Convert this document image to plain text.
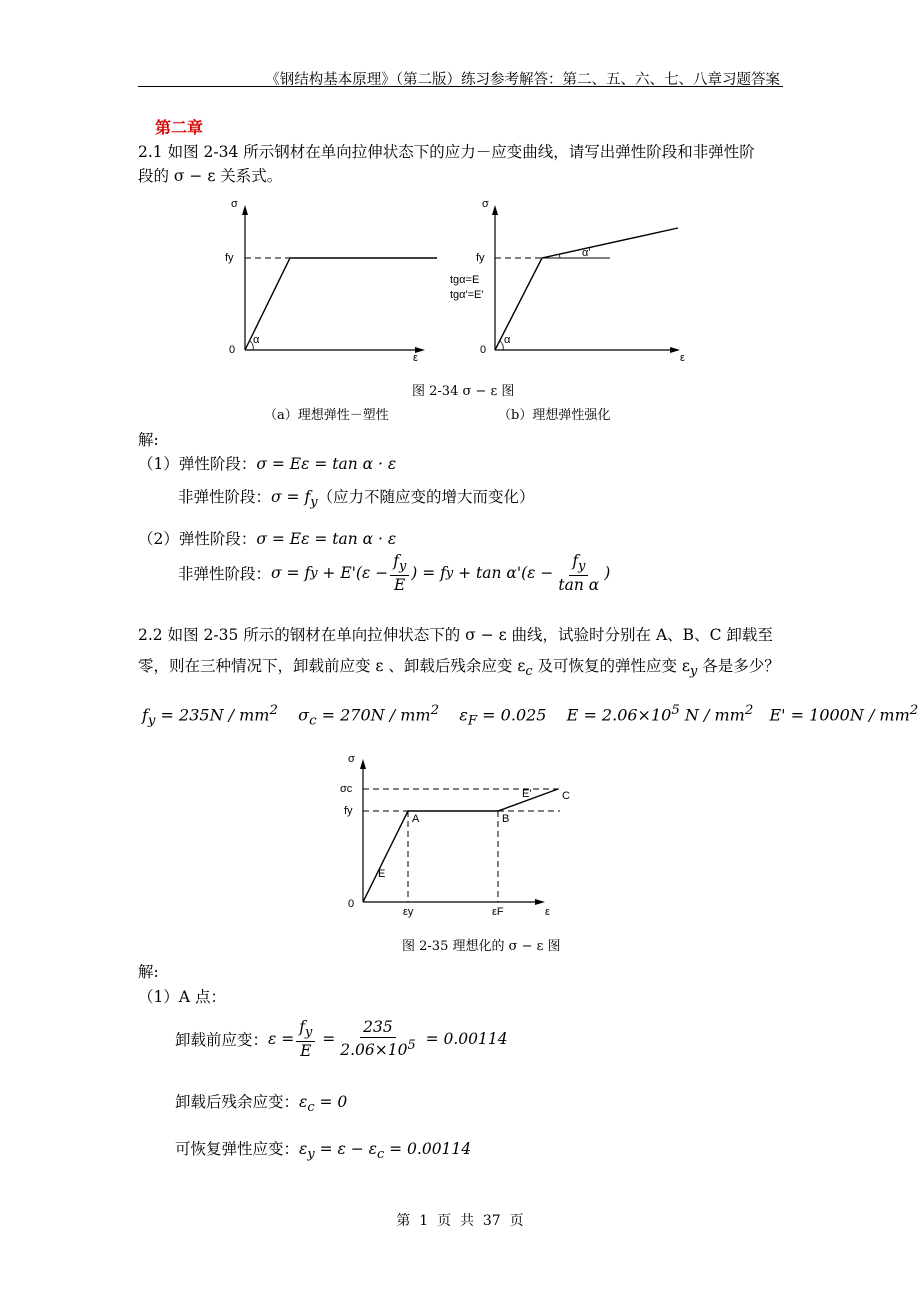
《钢结构基本原理》（第二版）练习参考解答：第二、五、六、七、八章习题答案
第二章
2.1 如图 2-34 所示钢材在单向拉伸状态下的应力－应变曲线，请写出弹性阶段和非弹性阶
段的 σ − ε 关系式。
σ
fy
0
α
ε
σ
fy
tgα=E
tgα'=E'
0
α
α'
ε
图 2-34 σ − ε 图
（a）理想弹性－塑性	（b）理想弹性强化
解:
（1）弹性阶段：σ = Eε = tan α · ε
非弹性阶段：$\sigma = f_y$（应力不随应变的增大而变化）
（2）弹性阶段：σ = Eε = tan α · ε
非弹性阶段： σ = f $y + E'(\varepsilon - \frac{f_y}{E}$ ) = f $y + \tan \alpha'(\varepsilon - \frac{f_y}{\text{tan α}}$ )
2.2 如图 2-35 所示的钢材在单向拉伸状态下的 σ − ε 曲线，试验时分别在 A、B、C 卸载至
零，则在三种情况下，卸载前应变 ε 、卸载后残余应变 $\varepsilon_c$ 及可恢复的弹性应变 $\varepsilon_y$ 各是多少？
$f_y = 235N / mm^2$ $\sigma_c = 270N / mm^2$ $\varepsilon_F = 0.025$ $E = 2.06\times 10^5$ N / $mm^2$ $E' = 1000N / mm^2$
σ
σc
fy
0
A	B
C
E
E'
εy	εF	ε
图 2-35 理想化的 σ − ε 图
解:
（1）A 点：
卸载前应变： $\varepsilon = \frac{f_y}{E} = \frac{235}{2.06\times 10^5} = 0.00114$
卸载后残余应变：$\varepsilon_c = 0$
可恢复弹性应变：$\varepsilon_y = \varepsilon - \varepsilon_c = 0.00114$
第  1  页  共  37  页
